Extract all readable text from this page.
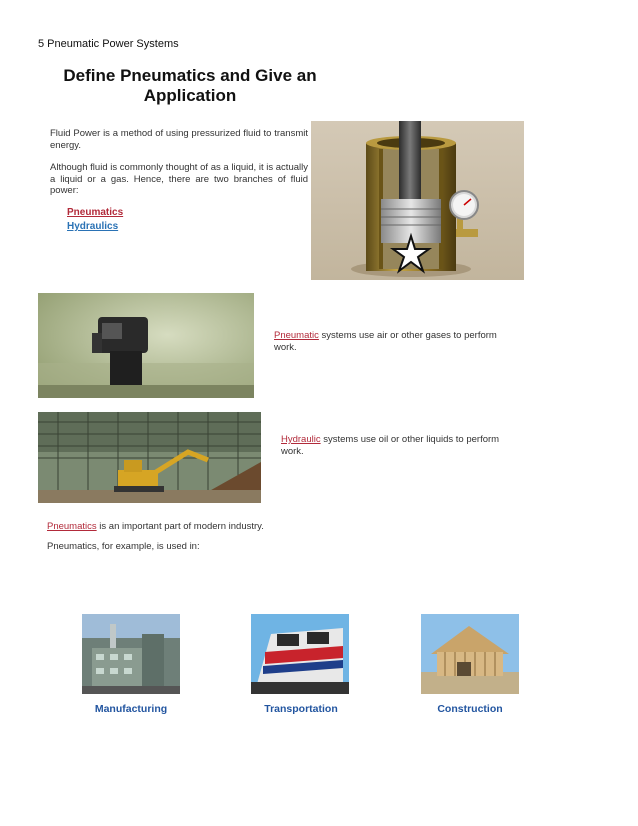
5 Pneumatic Power Systems
Define Pneumatics and Give an
Application
Fluid Power is a method of using pressurized fluid to transmit energy.
Although fluid is commonly thought of as a liquid, it is actually a liquid or a gas. Hence, there are two branches of fluid power:
Pneumatics
Hydraulics
Pneumatic systems use air or other gases to perform work.
Hydraulic systems use oil or other liquids to perform work.
Pneumatics is an important part of modern industry.
Pneumatics, for example, is used in:
Manufacturing	Transportation	Construction
